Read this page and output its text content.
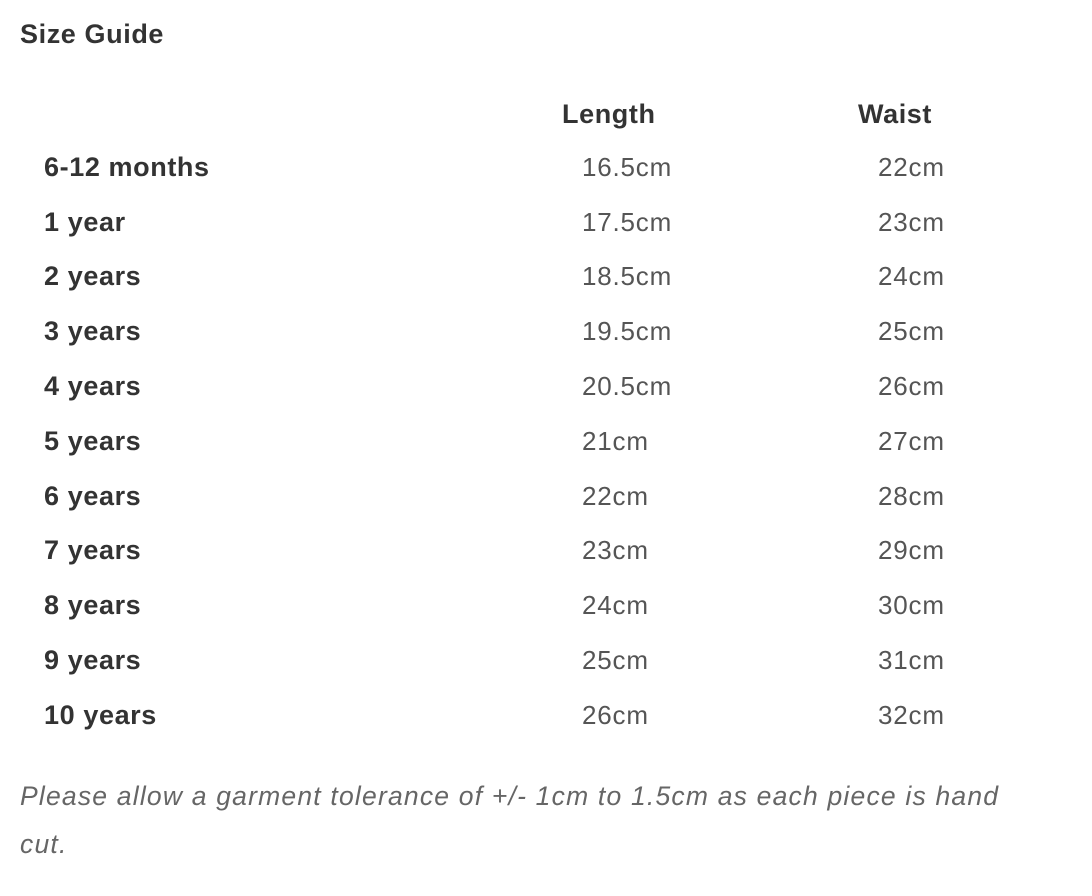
Size Guide
	Length	Waist
6-12 months	16.5cm	22cm
1 year	17.5cm	23cm
2 years	18.5cm	24cm
3 years	19.5cm	25cm
4 years	20.5cm	26cm
5 years	21cm	27cm
6 years	22cm	28cm
7 years	23cm	29cm
8 years	24cm	30cm
9 years	25cm	31cm
10 years	26cm	32cm

Please allow a garment tolerance of +/- 1cm to 1.5cm as each piece is hand cut.
